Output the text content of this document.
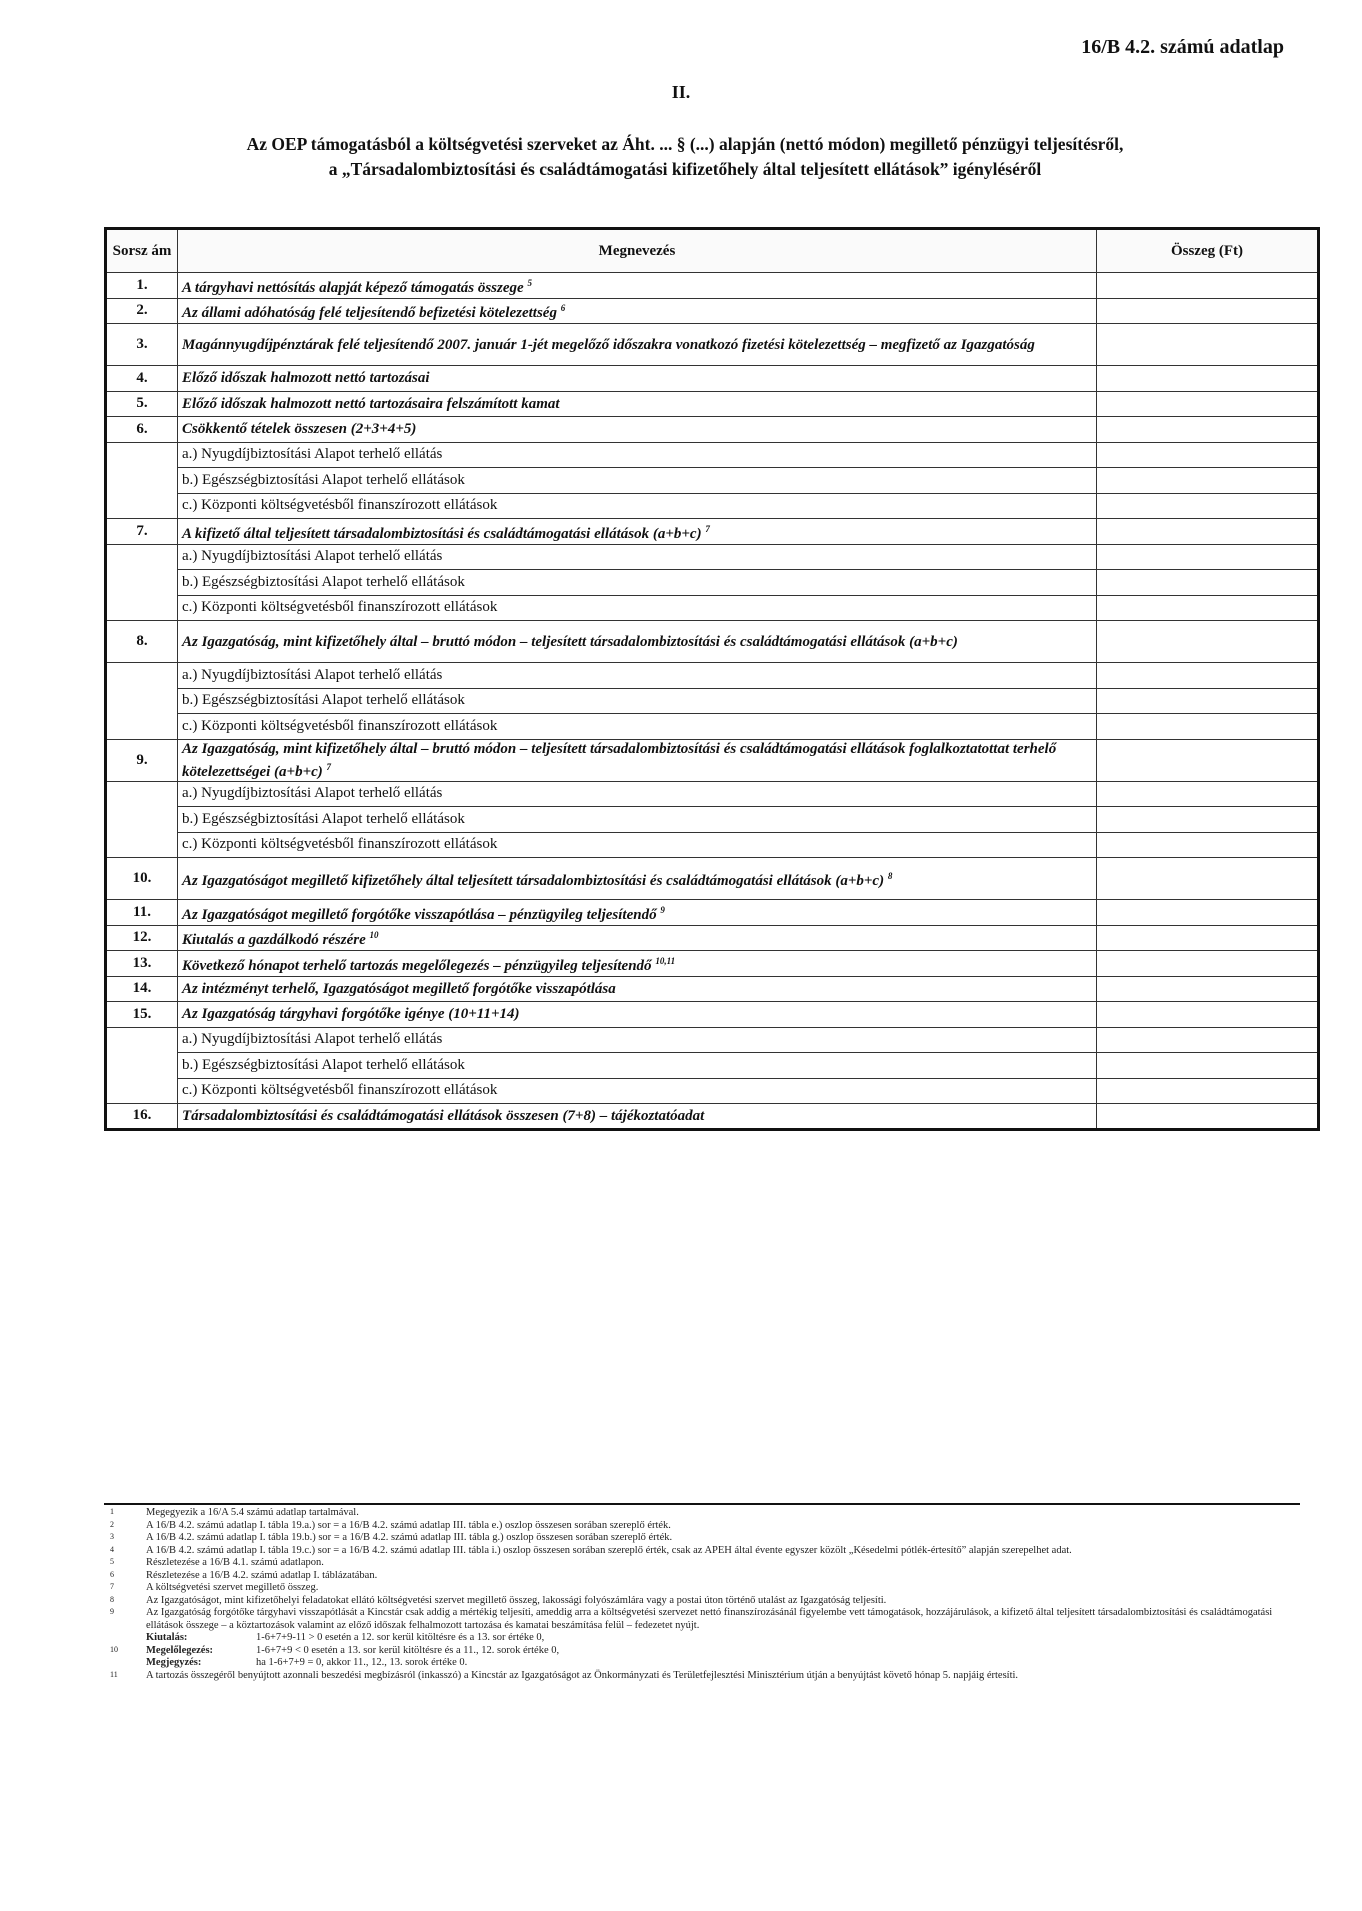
16/B 4.2. számú adatlap
II.
Az OEP támogatásból a költségvetési szerveket az Áht. ... § (...) alapján (nettó módon) megillető pénzügyi teljesítésről,
a „Társadalombiztosítási és családtámogatási kifizetőhely által teljesített ellátások” igényléséről
Sorsz ám	Megnevezés	Összeg (Ft)
1.	A tárgyhavi nettósítás alapját képező támogatás összege $^5$	
2.	Az állami adóhatóság felé teljesítendő befizetési kötelezettség $^6$	
3.	Magánnyugdíjpénztárak felé teljesítendő 2007. január 1-jét megelőző időszakra vonatkozó fizetési kötelezettség – megfizető az Igazgatóság	
4.	Előző időszak halmozott nettó tartozásai	
5.	Előző időszak halmozott nettó tartozásaira felszámított kamat	
6.	Csökkentő tételek összesen (2+3+4+5)	
	a.) Nyugdíjbiztosítási Alapot terhelő ellátás	
	b.) Egészségbiztosítási Alapot terhelő ellátások	
	c.) Központi költségvetésből finanszírozott ellátások	
7.	A kifizető által teljesített társadalombiztosítási és családtámogatási ellátások (a+b+c) $^7$	
	a.) Nyugdíjbiztosítási Alapot terhelő ellátás	
	b.) Egészségbiztosítási Alapot terhelő ellátások	
	c.) Központi költségvetésből finanszírozott ellátások	
8.	Az Igazgatóság, mint kifizetőhely által – bruttó módon – teljesített társadalombiztosítási és családtámogatási ellátások (a+b+c)	
	a.) Nyugdíjbiztosítási Alapot terhelő ellátás	
	b.) Egészségbiztosítási Alapot terhelő ellátások	
	c.) Központi költségvetésből finanszírozott ellátások	
9.	Az Igazgatóság, mint kifizetőhely által – bruttó módon – teljesített társadalombiztosítási és családtámogatási ellátások foglalkoztatottat terhelő kötelezettségei (a+b+c) $^7$	
	a.) Nyugdíjbiztosítási Alapot terhelő ellátás	
	b.) Egészségbiztosítási Alapot terhelő ellátások	
	c.) Központi költségvetésből finanszírozott ellátások	
10.	Az Igazgatóságot megillető kifizetőhely által teljesített társadalombiztosítási és családtámogatási ellátások (a+b+c) $^8$	
11.	Az Igazgatóságot megillető forgótőke visszapótlása – pénzügyileg teljesítendő $^9$	
12.	Kiutalás a gazdálkodó részére $^{10}$	
13.	Következő hónapot terhelő tartozás megelőlegezés – pénzügyileg teljesítendő $^{10,11}$	
14.	Az intézményt terhelő, Igazgatóságot megillető forgótőke visszapótlása	
15.	Az Igazgatóság tárgyhavi forgótőke igénye (10+11+14)	
	a.) Nyugdíjbiztosítási Alapot terhelő ellátás	
	b.) Egészségbiztosítási Alapot terhelő ellátások	
	c.) Központi költségvetésből finanszírozott ellátások	
16.	Társadalombiztosítási és családtámogatási ellátások összesen (7+8) – tájékoztatóadat	
1	Megegyezik a 16/A 5.4 számú adatlap tartalmával.
2	A 16/B 4.2. számú adatlap I. tábla 19.a.) sor = a 16/B 4.2. számú adatlap III. tábla e.) oszlop összesen sorában szereplő érték.
3	A 16/B 4.2. számú adatlap I. tábla 19.b.) sor = a 16/B 4.2. számú adatlap III. tábla g.) oszlop összesen sorában szereplő érték.
4	A 16/B 4.2. számú adatlap I. tábla 19.c.) sor = a 16/B 4.2. számú adatlap III. tábla i.) oszlop összesen sorában szereplő érték, csak az APEH által évente egyszer közölt „Késedelmi pótlék-értesítő” alapján szerepelhet adat.
5	Részletezése a 16/B 4.1. számú adatlapon.
6	Részletezése a 16/B 4.2. számú adatlap I. táblázatában.
7	A költségvetési szervet megillető összeg.
8	Az Igazgatóságot, mint kifizetőhelyi feladatokat ellátó költségvetési szervet megillető összeg, lakossági folyószámlára vagy a postai úton történő utalást az Igazgatóság teljesíti.
9	Az Igazgatóság forgótőke tárgyhavi visszapótlását a Kincstár csak addig a mértékig teljesíti, ameddig arra a költségvetési szervezet nettó finanszírozásánál figyelembe vett támogatások, hozzájárulások, a kifizető által teljesített társadalombiztosítási és családtámogatási ellátások összege – a köztartozások valamint az előző időszak felhalmozott tartozása és kamatai beszámítása felül – fedezetet nyújt.
Kiutalás:	1-6+7+9-11 > 0 esetén a 12. sor kerül kitöltésre és a 13. sor értéke 0,
10	Megelőlegezés:	1-6+7+9 < 0 esetén a 13. sor kerül kitöltésre és a 11., 12. sorok értéke 0,
Megjegyzés:	ha 1-6+7+9 = 0, akkor 11., 12., 13. sorok értéke 0.
11	A tartozás összegéről benyújtott azonnali beszedési megbízásról (inkasszó) a Kincstár az Igazgatóságot az Önkormányzati és Területfejlesztési Minisztérium útján a benyújtást követő hónap 5. napjáig értesíti.
